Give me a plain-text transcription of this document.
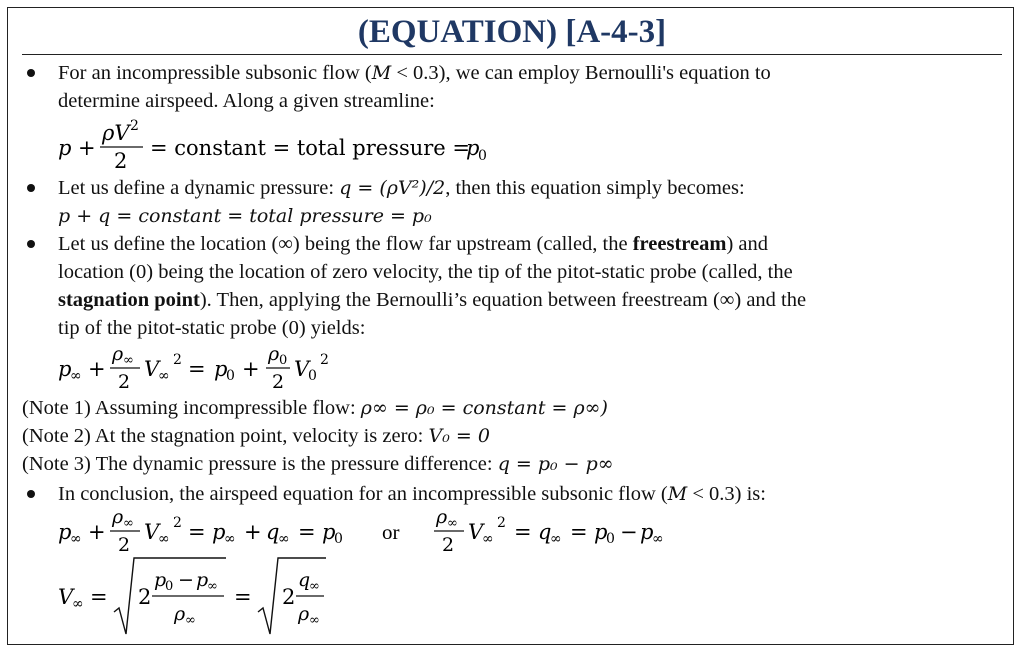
(EQUATION) [A-4-3]
For an incompressible subsonic flow (M < 0.3), we can employ Bernoulli's equation to
determine airspeed. Along a given streamline:
p +
ρV 2
2
= constant = total pressure =
p
0
Let us define a dynamic pressure: q = (ρV²)/2, then this equation simply becomes:
p + q = constant = total pressure = p₀
Let us define the location (∞) being the flow far upstream (called, the freestream) and
location (0) being the location of zero velocity, the tip of the pitot-static probe (called, the
stagnation point). Then, applying the Bernoulli’s equation between freestream (∞) and the
tip of the pitot-static probe (0) yields:
p
∞ +
ρ ∞
2
V
∞
2 = p
0 +
ρ 0
2
V
0
2
(Note 1) Assuming incompressible flow: ρ∞ = ρ₀ = constant = ρ∞)
(Note 2) At the stagnation point, velocity is zero: V₀ = 0
(Note 3) The dynamic pressure is the pressure difference: q = p₀ − p∞
In conclusion, the airspeed equation for an incompressible subsonic flow (M < 0.3) is:
p
∞ +
ρ ∞
2
V
∞
2 = p
∞ + q
∞ = p
0 or
ρ ∞
2
V
∞
2 = q
∞ = p
0 − p
∞
V
∞ = 2
p
0 − p
∞
ρ ∞
= 2
q
∞
ρ ∞
